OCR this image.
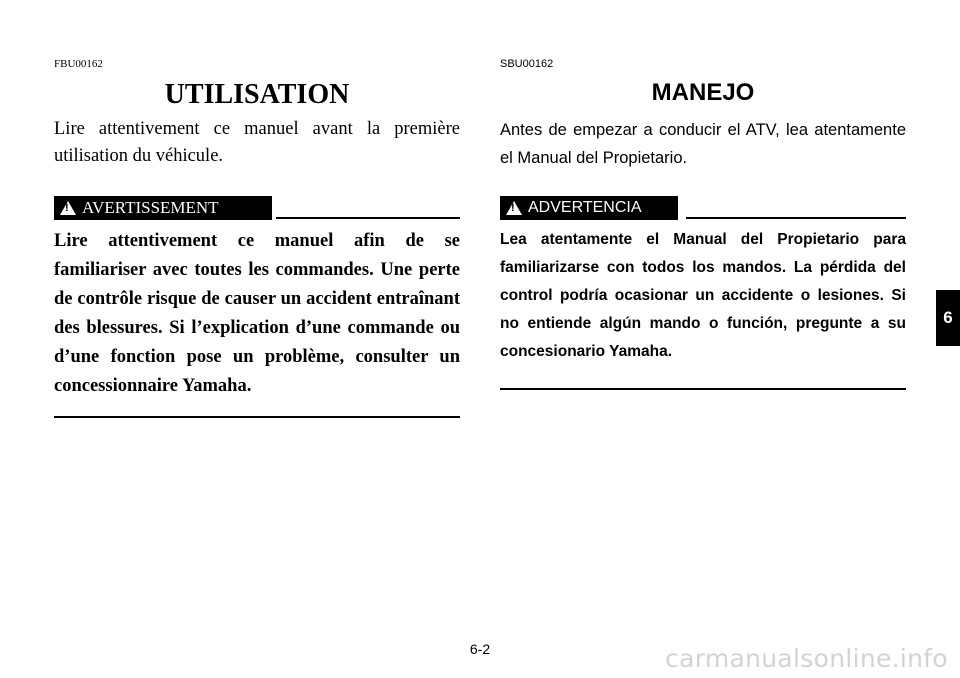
FBU00162
UTILISATION

Lire attentivement ce manuel avant la première utilisation du véhicule.

!
AVERTISSEMENT

Lire attentivement ce manuel afin de se familiariser avec toutes les commandes. Une perte de contrôle risque de causer un accident entraînant des blessures. Si l’explication d’une commande ou d’une fonction pose un problème, consulter un concessionnaire Yamaha.

SBU00162
MANEJO

Antes de empezar a conducir el ATV, lea atentamente el Manual del Propietario.

!
ADVERTENCIA

Lea atentamente el Manual del Propietario para familiarizarse con todos los mandos. La pérdida del control podría ocasionar un accidente o lesiones. Si no entiende algún mando o función, pregunte a su concesionario Yamaha.

6
6-2	carmanualsonline.info
